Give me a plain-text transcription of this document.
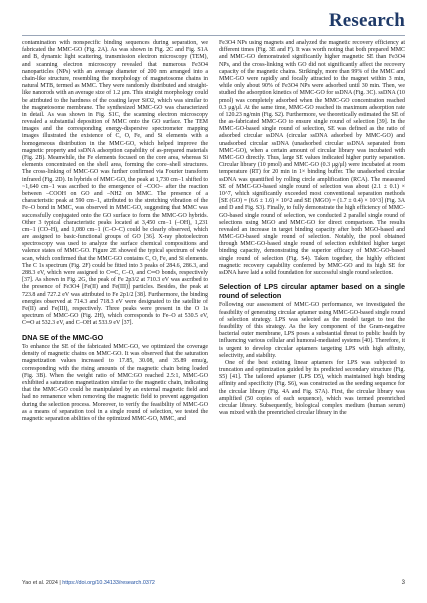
Research

contamination with nonspecific binding sequences during separation, we fabricated the MMC-GO (Fig. 2A). As was shown in Fig. 2C and Fig. S1A and B, dynamic light scattering, transmission electron microscopy (TEM), and scanning electron microscopy revealed that numerous Fe3O4 nanoparticles (NPs) with an average diameter of 200 nm arranged into a chain-like structure, resembling the morphology of magnetosome chains in natural MTB, termed as MMC. They were randomly distributed and straight-like nanorods with an average size of 1.2 μm. This straight morphology could be attributed to the hardness of the coating layer SiO2, which was similar to the magnetosome membrane. The synthesized MMC-GO was characterized in detail. As was shown in Fig. S1C, the scanning electron microscopy revealed a substantial deposition of MMC onto the GO surface. The TEM images and the corresponding energy-dispersive spectrometer mapping images illustrated the existence of C, O, Fe, and Si elements with a homogeneous distribution in the MMC-GO, which helped improve the magnetic property and ssDNA adsorption capability of as-prepared materials (Fig. 2B). Meanwhile, the Fe elements focused on the core area, whereas Si elements concentrated on the shell area, forming the core–shell structures. The cross-linking of MMC-GO was further confirmed via Fourier transform infrared (Fig. 2D). In hybrids of MMC-GO, the peak at 1,730 cm−1 shifted to ~1,640 cm−1 was ascribed to the emergence of –COO− after the reaction between –COOH on GO and –NH2 on MMC. The presence of a characteristic peak at 590 cm−1, attributed to the stretching vibration of the Fe–O bond in MMC, was observed in MMC-GO, suggesting that MMC was successfully conjugated onto the GO surface to form the MMC-GO hybrids. Other 3 typical characteristic peaks located at 3,450 cm−1 (–OH), 1,231 cm−1 (CO–H), and 1,080 cm−1 (C–O–C) could be clearly observed, which are assigned to basic-functional groups of GO [36]. X-ray photoelectron spectroscopy was used to analyze the surface chemical compositions and valence states of MMC-GO. Figure 2E showed the typical spectrum of wide scan, which confirmed that the MMC-GO contains C, O, Fe, and Si elements. The C 1s spectrum (Fig. 2F) could be fitted into 3 peaks of 284.6, 286.3, and 288.3 eV, which were assigned to C═C, C–O, and C═O bonds, respectively [37]. As shown in Fig. 2G, the peak of Fe 2p3/2 at 710.3 eV was ascribed to the presence of Fe3O4 [Fe(II) and Fe(III)] particles. Besides, the peak at 723.8 and 727.2 eV was attributed to Fe 2p1/2 [38]. Furthermore, the binding energies observed at 714.3 and 718.3 eV were designated to the satellite of Fe(II) and Fe(III), respectively. Three peaks were present in the O 1s spectrum of MMC-GO (Fig. 2H), which corresponds to Fe–O at 530.5 eV, C═O at 532.3 eV, and C–OH at 533.9 eV [37].

DNA SE of the MMC-GO

To enhance the SE of the fabricated MMC-GO, we optimized the coverage density of magnetic chains on MMC-GO. It was observed that the saturation magnetization values increased to 17.85, 30.08, and 35.89 emu/g, corresponding with the rising amounts of the magnetic chain being loaded (Fig. 3B). When the weight ratio of MMC:GO reached 2.5:1, MMC-GO exhibited a saturation magnetization similar to the magnetic chain, indicating that the MMC-GO could be manipulated by an external magnetic field and had no remanence when removing the magnetic field to prevent aggregation during the selection process. Moreover, to verify the feasibility of MMC-GO as a means of separation tool in a single round of selection, we tested the magnetic separation abilities of the optimized MMC-GO, MMC, and

Fe3O4 NPs using magnets and analyzed the magnetic recovery efficiency at different times (Fig. 3E and F). It was worth noting that both prepared MMC and MMC-GO demonstrated significantly higher magnetic SE than Fe3O4 NPs, and the cross-linking with GO did not significantly affect the recovery capacity of the magnetic chains. Strikingly, more than 99% of the MMC and MMC-GO were rapidly and focally attracted to the magnet within 3 min, while only about 90% of Fe3O4 NPs were adsorbed until 30 min. Then, we studied the adsorption kinetics of MMC-GO for ssDNA (Fig. 3C). ssDNA (10 pmol) was completely adsorbed when the MMC-GO concentration reached 0.3 μg/μl. At the same time, MMC-GO reached its maximum adsorption rate of 120.23 ng/min (Fig. S2). Furthermore, we theoretically estimated the SE of the as-fabricated MMC-GO to ensure single round of selection [39]. In the MMC-GO-based single round of selection, SE was defined as the ratio of adsorbed circular ssDNA (circular ssDNA adsorbed by MMC-GO) and unadsorbed circular ssDNA (unadsorbed circular ssDNA separated from MMC-GO), when a certain amount of circular library was incubated with MMC-GO directly. Thus, large SE values indicated higher purity separation. Circular library (10 pmol) and MMC-GO (0.3 μg/μl) were incubated at room temperature (RT) for 20 min in 1× binding buffer. The unadsorbed circular ssDNA was quantified by rolling circle amplification (RCA). The measured SE of MMC-GO-based single round of selection was about (2.1 ± 0.1) × 10^7, which significantly exceeded most conventional separation methods [SE (GO) = (6.6 ± 1.6) × 10^2 and SE (MGO) = (1.7 ± 0.4) × 10^3] (Fig. 3A and D and Fig. S3). Finally, to fully demonstrate the high efficiency of MMC-GO-based single round of selection, we conducted 2 parallel single round of selections using MGO and MMC-GO for direct comparison. The results revealed an increase in target binding capacity after both MGO-based and MMC-GO-based single round of selection. Notably, the pool obtained through MMC-GO-based single round of selection exhibited higher target binding capacity, demonstrating the superior efficacy of MMC-GO-based single round of selection (Fig. S4). Taken together, the highly efficient magnetic recovery capability conferred by MMC-GO and its high SE for ssDNA have laid a solid foundation for successful single round selection.

Selection of LPS circular aptamer based on a single round of selection

Following our assessment of MMC-GO performance, we investigated the feasibility of generating circular aptamer using MMC-GO-based single round of selection strategy. LPS was selected as the model target to test the feasibility of this strategy. As the key component of the Gram-negative bacterial outer membrane, LPS poses a substantial threat to public health by influencing various cellular and humoral-mediated systems [40]. Therefore, it is urgent to develop circular aptamers targeting LPS with high affinity, selectivity, and stability.

One of the best existing linear aptamers for LPS was subjected to truncation and optimization guided by its predicted secondary structure (Fig. S5) [41]. The tailored aptamer (LPS D5), which maintained high binding affinity and specificity (Fig. S6), was constructed as the seeding sequence for the circular library (Fig. 4A and Fig. S7A). First, the circular library was amplified (50 copies of each sequence), which was termed preenriched circular library. Subsequently, biological complex medium (human serum) was mixed with the preenriched circular library in the

Yao et al. 2024 | https://doi.org/10.34133/research.0372	3
